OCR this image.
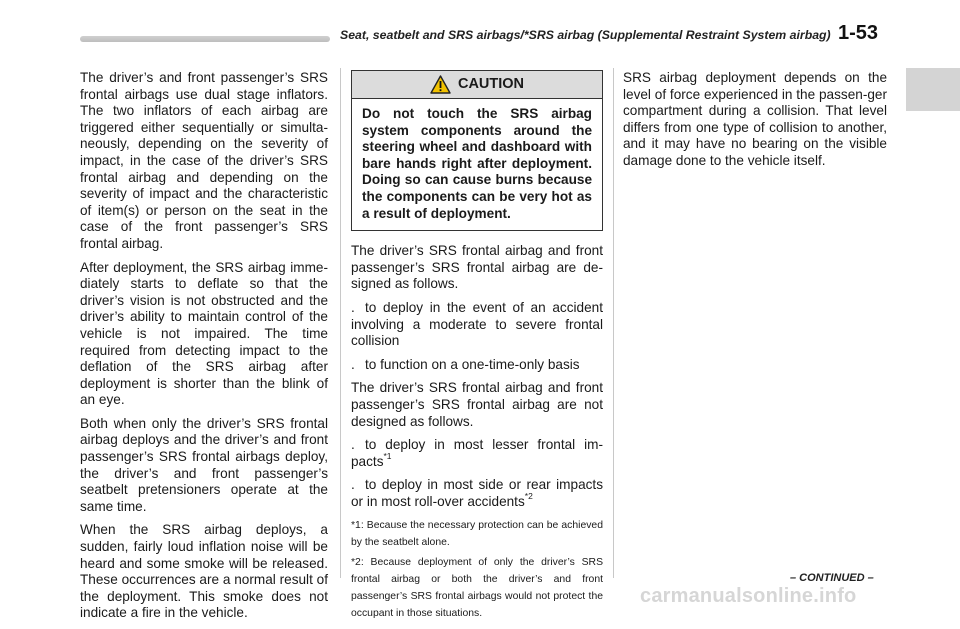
Seat, seatbelt and SRS airbags/*SRS airbag (Supplemental Restraint System airbag) 1-53

The driver’s and front passenger’s SRS frontal airbags use dual stage inflators. The two inflators of each airbag are triggered either sequentially or simulta-neously, depending on the severity of impact, in the case of the driver’s SRS frontal airbag and depending on the severity of impact and the characteristic of item(s) or person on the seat in the case of the front passenger’s SRS frontal airbag.

After deployment, the SRS airbag imme-diately starts to deflate so that the driver’s vision is not obstructed and the driver’s ability to maintain control of the vehicle is not impaired. The time required from detecting impact to the deflation of the SRS airbag after deployment is shorter than the blink of an eye.

Both when only the driver’s SRS frontal airbag deploys and the driver’s and front passenger’s SRS frontal airbags deploy, the driver’s and front passenger’s seatbelt pretensioners operate at the same time.

When the SRS airbag deploys, a sudden, fairly loud inflation noise will be heard and some smoke will be released. These occurrences are a normal result of the deployment. This smoke does not indicate a fire in the vehicle.

CAUTION
Do not touch the SRS airbag system components around the steering wheel and dashboard with bare hands right after deployment. Doing so can cause burns because the components can be very hot as a result of deployment.

The driver’s SRS frontal airbag and front passenger’s SRS frontal airbag are de-signed as follows.

. to deploy in the event of an accident involving a moderate to severe frontal collision

. to function on a one-time-only basis

The driver’s SRS frontal airbag and front passenger’s SRS frontal airbag are not designed as follows.

. to deploy in most lesser frontal im-pacts$^{*1}$

. to deploy in most side or rear impacts or in most roll-over accidents$^{*2}$

*1: Because the necessary protection can be achieved by the seatbelt alone.

*2: Because deployment of only the driver’s SRS frontal airbag or both the driver’s and front passenger’s SRS frontal airbags would not protect the occupant in those situations.

SRS airbag deployment depends on the level of force experienced in the passen-ger compartment during a collision. That level differs from one type of collision to another, and it may have no bearing on the visible damage done to the vehicle itself.

– CONTINUED –
carmanualsonline.info
